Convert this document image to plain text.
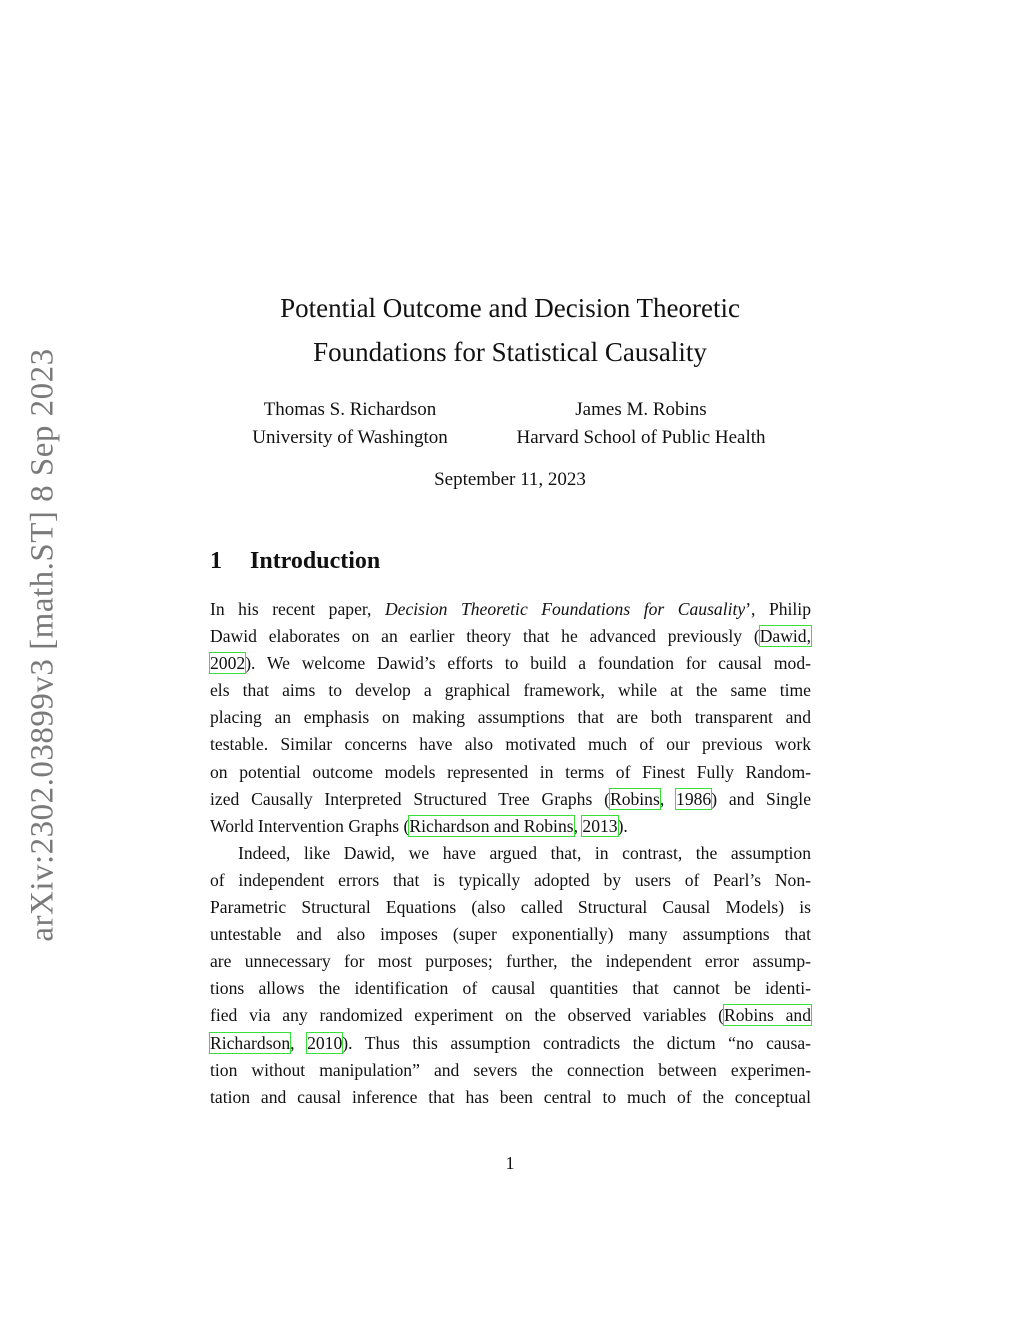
arXiv:2302.03899v3 [math.ST] 8 Sep 2023
Potential Outcome and Decision Theoretic
Foundations for Statistical Causality
Thomas S. Richardson
University of Washington
James M. Robins
Harvard School of Public Health
September 11, 2023
1 Introduction
In his recent paper, Decision Theoretic Foundations for Causality’, Philip
Dawid elaborates on an earlier theory that he advanced previously (Dawid,
2002). We welcome Dawid’s efforts to build a foundation for causal mod-
els that aims to develop a graphical framework, while at the same time
placing an emphasis on making assumptions that are both transparent and
testable. Similar concerns have also motivated much of our previous work
on potential outcome models represented in terms of Finest Fully Random-
ized Causally Interpreted Structured Tree Graphs (Robins, 1986) and Single
World Intervention Graphs (Richardson and Robins, 2013).
Indeed, like Dawid, we have argued that, in contrast, the assumption
of independent errors that is typically adopted by users of Pearl’s Non-
Parametric Structural Equations (also called Structural Causal Models) is
untestable and also imposes (super exponentially) many assumptions that
are unnecessary for most purposes; further, the independent error assump-
tions allows the identification of causal quantities that cannot be identi-
fied via any randomized experiment on the observed variables (Robins and
Richardson, 2010). Thus this assumption contradicts the dictum “no causa-
tion without manipulation” and severs the connection between experimen-
tation and causal inference that has been central to much of the conceptual
1
